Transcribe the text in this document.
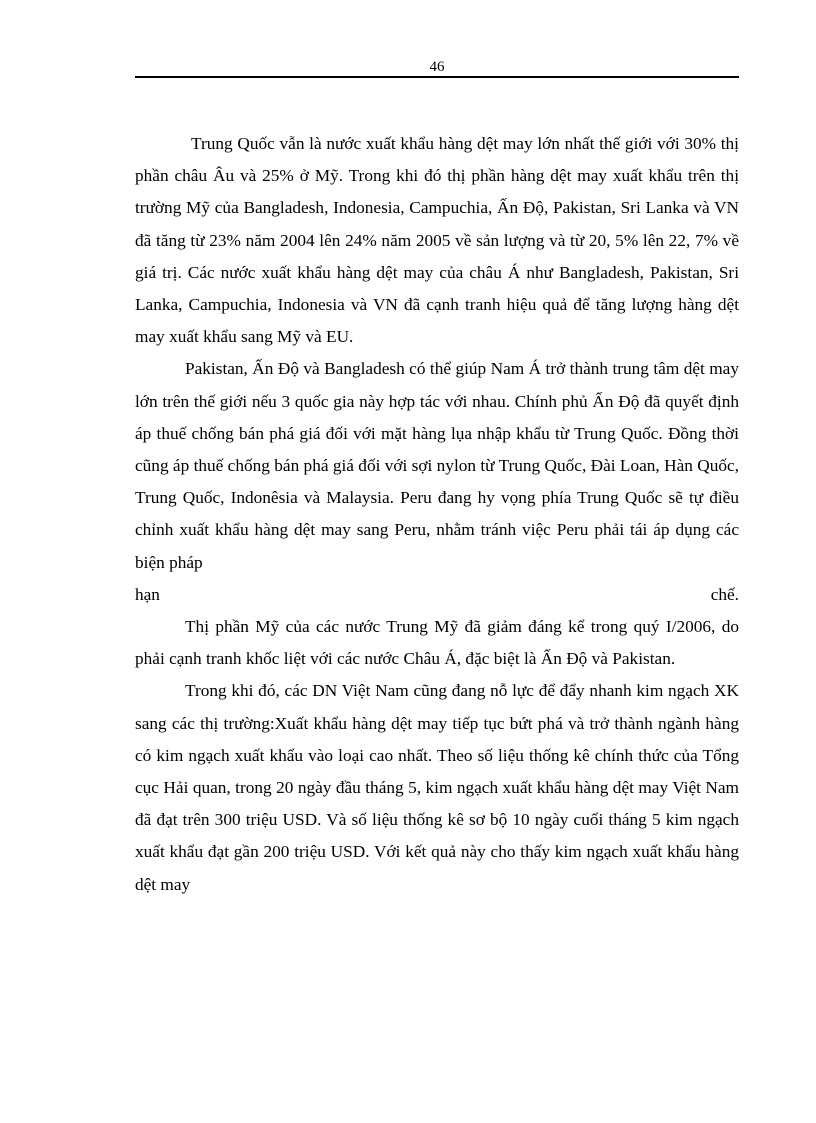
46

Trung Quốc vẫn là nước xuất khẩu hàng dệt may lớn nhất thế giới với 30% thị phần châu Âu và 25% ở Mỹ. Trong khi đó thị phần hàng dệt may xuất khẩu trên thị trường Mỹ của Bangladesh, Indonesia, Campuchia, Ấn Độ, Pakistan, Sri Lanka và VN đã tăng từ 23% năm 2004 lên 24% năm 2005 về sản lượng và từ 20, 5% lên 22, 7% về giá trị. Các nước xuất khẩu hàng dệt may của châu Á như Bangladesh, Pakistan, Sri Lanka, Campuchia, Indonesia và VN đã cạnh tranh hiệu quả để tăng lượng hàng dệt may xuất khẩu sang Mỹ và EU.

Pakistan, Ấn Độ và Bangladesh có thể giúp Nam Á trở thành trung tâm dệt may lớn trên thế giới nếu 3 quốc gia này hợp tác với nhau. Chính phủ Ấn Độ đã quyết định áp thuế chống bán phá giá đối với mặt hàng lụa nhập khẩu từ Trung Quốc. Đồng thời cũng áp thuế chống bán phá giá đối với sợi nylon từ Trung Quốc, Đài Loan, Hàn Quốc, Trung Quốc, Indonêsia và Malaysia. Peru đang hy vọng phía Trung Quốc sẽ tự điều chỉnh xuất khẩu hàng dệt may sang Peru, nhằm tránh việc Peru phải tái áp dụng các biện pháp

hạn	chế.

Thị phần Mỹ của các nước Trung Mỹ đã giảm đáng kể trong quý I/2006, do phải cạnh tranh khốc liệt với các nước Châu Á, đặc biệt là Ấn Độ và Pakistan.

Trong khi đó, các DN Việt Nam cũng đang nỗ lực để đẩy nhanh kim ngạch XK sang các thị trường:Xuất khẩu hàng dệt may tiếp tục bứt phá và trở thành ngành hàng có kim ngạch xuất khẩu vào loại cao nhất. Theo số liệu thống kê chính thức của Tổng cục Hải quan, trong 20 ngày đầu tháng 5, kim ngạch xuất khẩu hàng dệt may Việt Nam đã đạt trên 300 triệu USD. Và số liệu thống kê sơ bộ 10 ngày cuối tháng 5 kim ngạch xuất khẩu đạt gần 200 triệu USD. Với kết quả này cho thấy kim ngạch xuất khẩu hàng dệt may
